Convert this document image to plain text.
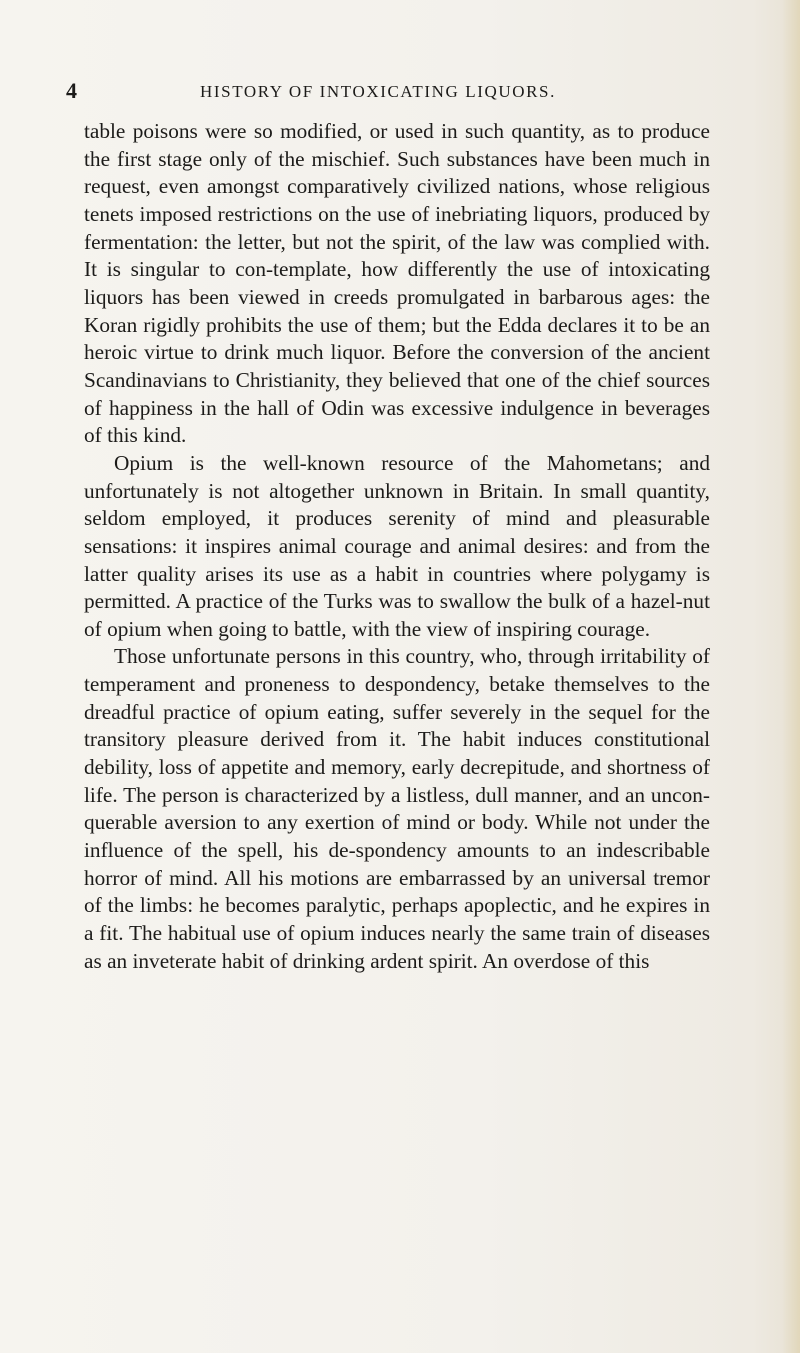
4	HISTORY OF INTOXICATING LIQUORS.

table poisons were so modified, or used in such quantity, as to produce the first stage only of the mischief. Such substances have been much in request, even amongst comparatively civilized nations, whose religious tenets imposed restrictions on the use of inebriating liquors, produced by fermentation: the letter, but not the spirit, of the law was complied with. It is singular to con-template, how differently the use of intoxicating liquors has been viewed in creeds promulgated in barbarous ages: the Koran rigidly prohibits the use of them; but the Edda declares it to be an heroic virtue to drink much liquor. Before the conversion of the ancient Scandinavians to Christianity, they believed that one of the chief sources of happiness in the hall of Odin was excessive indulgence in beverages of this kind.

Opium is the well-known resource of the Mahometans; and unfortunately is not altogether unknown in Britain. In small quantity, seldom employed, it produces serenity of mind and pleasurable sensations: it inspires animal courage and animal desires: and from the latter quality arises its use as a habit in countries where polygamy is permitted. A practice of the Turks was to swallow the bulk of a hazel-nut of opium when going to battle, with the view of inspiring courage.

Those unfortunate persons in this country, who, through irritability of temperament and proneness to despondency, betake themselves to the dreadful practice of opium eating, suffer severely in the sequel for the transitory pleasure derived from it. The habit induces constitutional debility, loss of appetite and memory, early decrepitude, and shortness of life. The person is characterized by a listless, dull manner, and an uncon-querable aversion to any exertion of mind or body. While not under the influence of the spell, his de-spondency amounts to an indescribable horror of mind. All his motions are embarrassed by an universal tremor of the limbs: he becomes paralytic, perhaps apoplectic, and he expires in a fit. The habitual use of opium induces nearly the same train of diseases as an inveterate habit of drinking ardent spirit. An overdose of this
